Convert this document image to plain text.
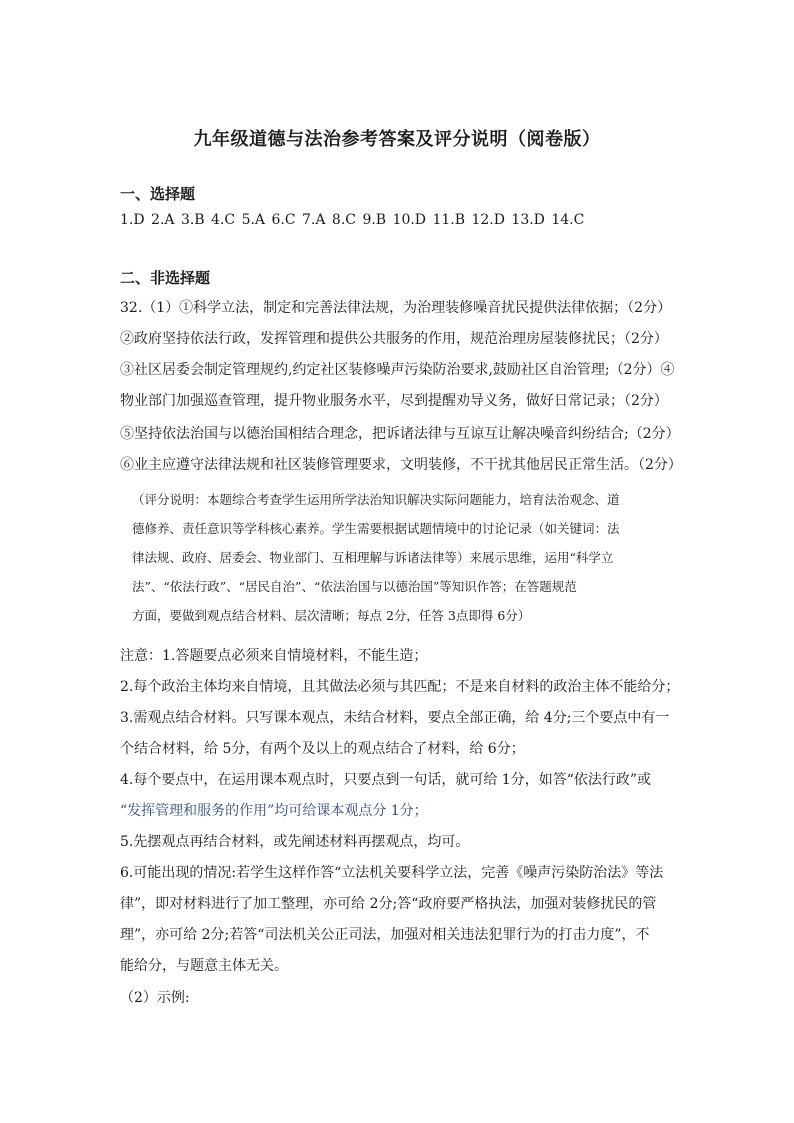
九年级道德与法治参考答案及评分说明（阅卷版）
一、选择题
1.D 2.A 3.B 4.C 5.A 6.C 7.A 8.C 9.B 10.D 11.B 12.D 13.D 14.C
二、非选择题
32.（1）①科学立法，制定和完善法律法规，为治理装修噪音扰民提供法律依据；（2分）
②政府坚持依法行政，发挥管理和提供公共服务的作用，规范治理房屋装修扰民；（2分）
③社区居委会制定管理规约,约定社区装修噪声污染防治要求,鼓励社区自治管理;（2分）④
物业部门加强巡查管理，提升物业服务水平，尽到提醒劝导义务，做好日常记录；（2分）
⑤坚持依法治国与以德治国相结合理念，把诉诸法律与互谅互让解决噪音纠纷结合;（2分）
⑥业主应遵守法律法规和社区装修管理要求，文明装修，不干扰其他居民正常生活。（2分）
（评分说明：本题综合考查学生运用所学法治知识解决实际问题能力，培育法治观念、道
德修养、责任意识等学科核心素养。学生需要根据试题情境中的讨论记录（如关键词：法
律法规、政府、居委会、物业部门、互相理解与诉诸法律等）来展示思维，运用“科学立
法”、“依法行政”、“居民自治”、“依法治国与以德治国”等知识作答；在答题规范
方面，要做到观点结合材料、层次清晰；每点 2分，任答 3点即得 6分）
注意：1.答题要点必须来自情境材料，不能生造；
2.每个政治主体均来自情境，且其做法必须与其匹配；不是来自材料的政治主体不能给分；
3.需观点结合材料。只写课本观点，未结合材料，要点全部正确，给 4分;三个要点中有一
个结合材料，给 5分，有两个及以上的观点结合了材料，给 6分；
4.每个要点中，在运用课本观点时，只要点到一句话，就可给 1分，如答“依法行政”或
“发挥管理和服务的作用”均可给课本观点分 1分；
5.先摆观点再结合材料，或先阐述材料再摆观点，均可。
6.可能出现的情况:若学生这样作答“立法机关要科学立法，完善《噪声污染防治法》等法
律”，即对材料进行了加工整理，亦可给 2分;答“政府要严格执法，加强对装修扰民的管
理”，亦可给 2分;若答“司法机关公正司法，加强对相关违法犯罪行为的打击力度”，不
能给分，与题意主体无关。
（2）示例:
